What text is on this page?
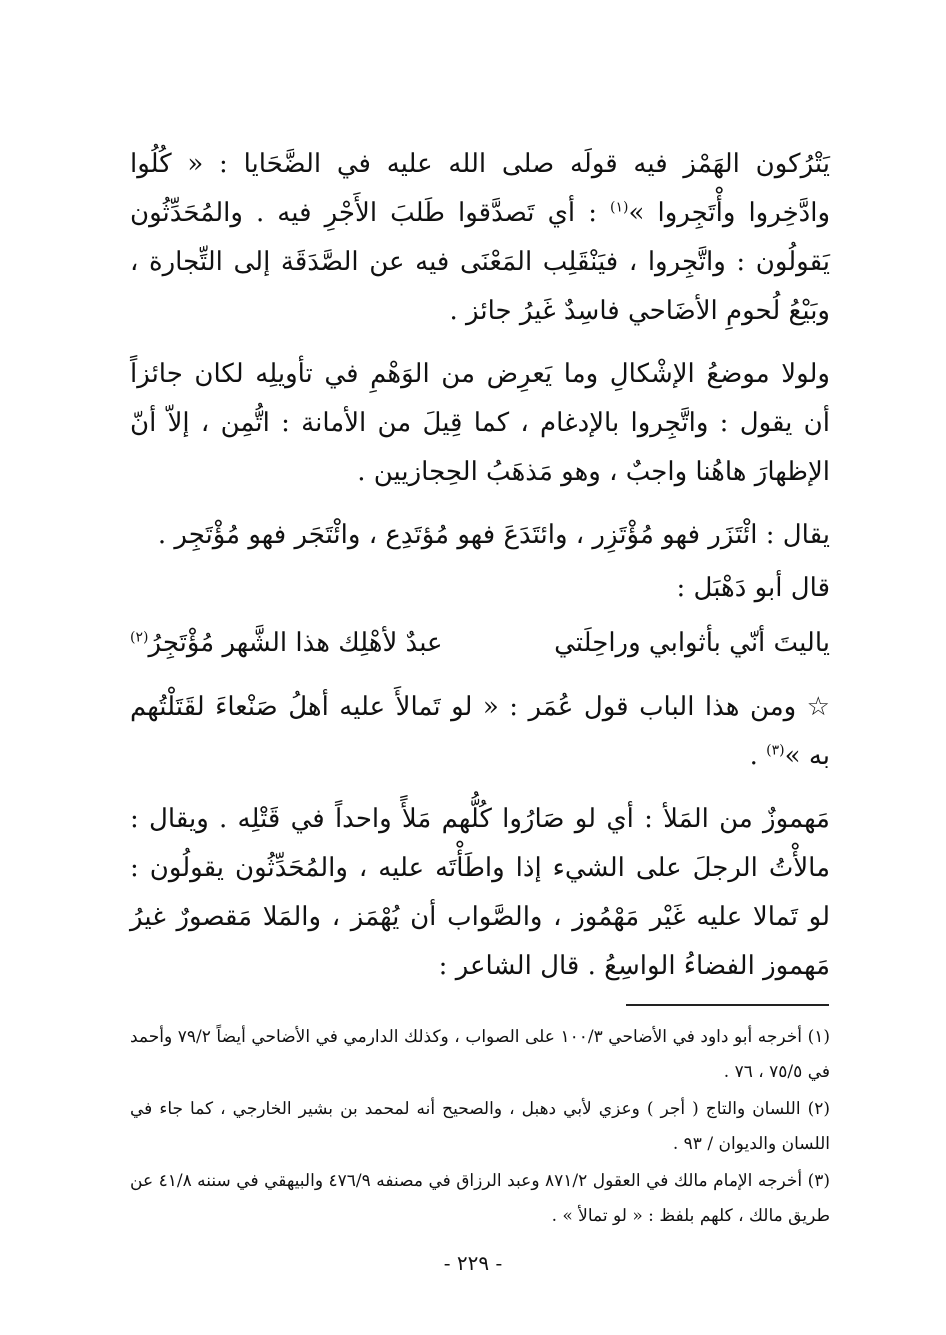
يَتْرُكون الهَمْز فيه قولَه صلى الله عليه في الضَّحَايا : « كُلُوا وادَّخِروا وأْتَجِروا »$^{(١)}$ : أي تَصدَّقوا طَلبَ الأَجْرِ فيه . والمُحَدِّثُون يَقولُون : واتَّجِروا ، فيَنْقَلِب المَعْنَى فيه عن الصَّدَقَة إلى التِّجارة ، وبَيْعُ لُحومِ الأضَاحي فاسِدٌ غَيرُ جائز .

ولولا موضعُ الإشْكالِ وما يَعرِض من الوَهْمِ في تأويلِه لكان جائزاً أن يقول : واتَّجِروا بالإدغام ، كما قِيلَ من الأمانة : اتُّمِن ، إلاّ أنّ الإظهارَ هاهُنا واجبٌ ، وهو مَذهَبُ الحِجازيين .

يقال : ائْتَزَر فهو مُؤْتَزِر ، وائتَدَعَ فهو مُؤتَدِع ، وائْتَجَر فهو مُؤْتَجِر .

قال أبو دَهْبَل :

ياليتَ أنّي بأثوابي وراحِلَتي
عبدٌ لأهْلِك هذا الشَّهر مُؤْتَجِرُ$^{(٢)}$

☆ ومن هذا الباب قول عُمَر : « لو تَمالأَ عليه أهلُ صَنْعاءَ لقَتَلْتُهم به »$^{(٣)}$ .

مَهموزٌ من المَلأ : أي لو صَارُوا كُلُّهم مَلأً واحداً في قَتْلِه . ويقال : مالأْتُ الرجلَ على الشيء إذا واطَأْتَه عليه ، والمُحَدِّثُون يقولُون : لو تَمالا عليه غَيْر مَهْمُوز ، والصَّواب أن يُهْمَز ، والمَلا مَقصورٌ غيرُ مَهموز الفضاءُ الواسِعُ . قال الشاعر :

(١) أخرجه أبو داود في الأضاحي ١٠٠/٣ على الصواب ، وكذلك الدارمي في الأضاحي أيضاً ٧٩/٢ وأحمد في ٧٥/٥ ، ٧٦ .

(٢) اللسان والتاج ( أجر ) وعزي لأبي دهبل ، والصحيح أنه لمحمد بن بشير الخارجي ، كما جاء في اللسان والديوان / ٩٣ .

(٣) أخرجه الإمام مالك في العقول ٨٧١/٢ وعبد الرزاق في مصنفه ٤٧٦/٩ والبيهقي في سننه ٤١/٨ عن طريق مالك ، كلهم بلفظ : « لو تمالأ » .

- ٢٢٩ -
